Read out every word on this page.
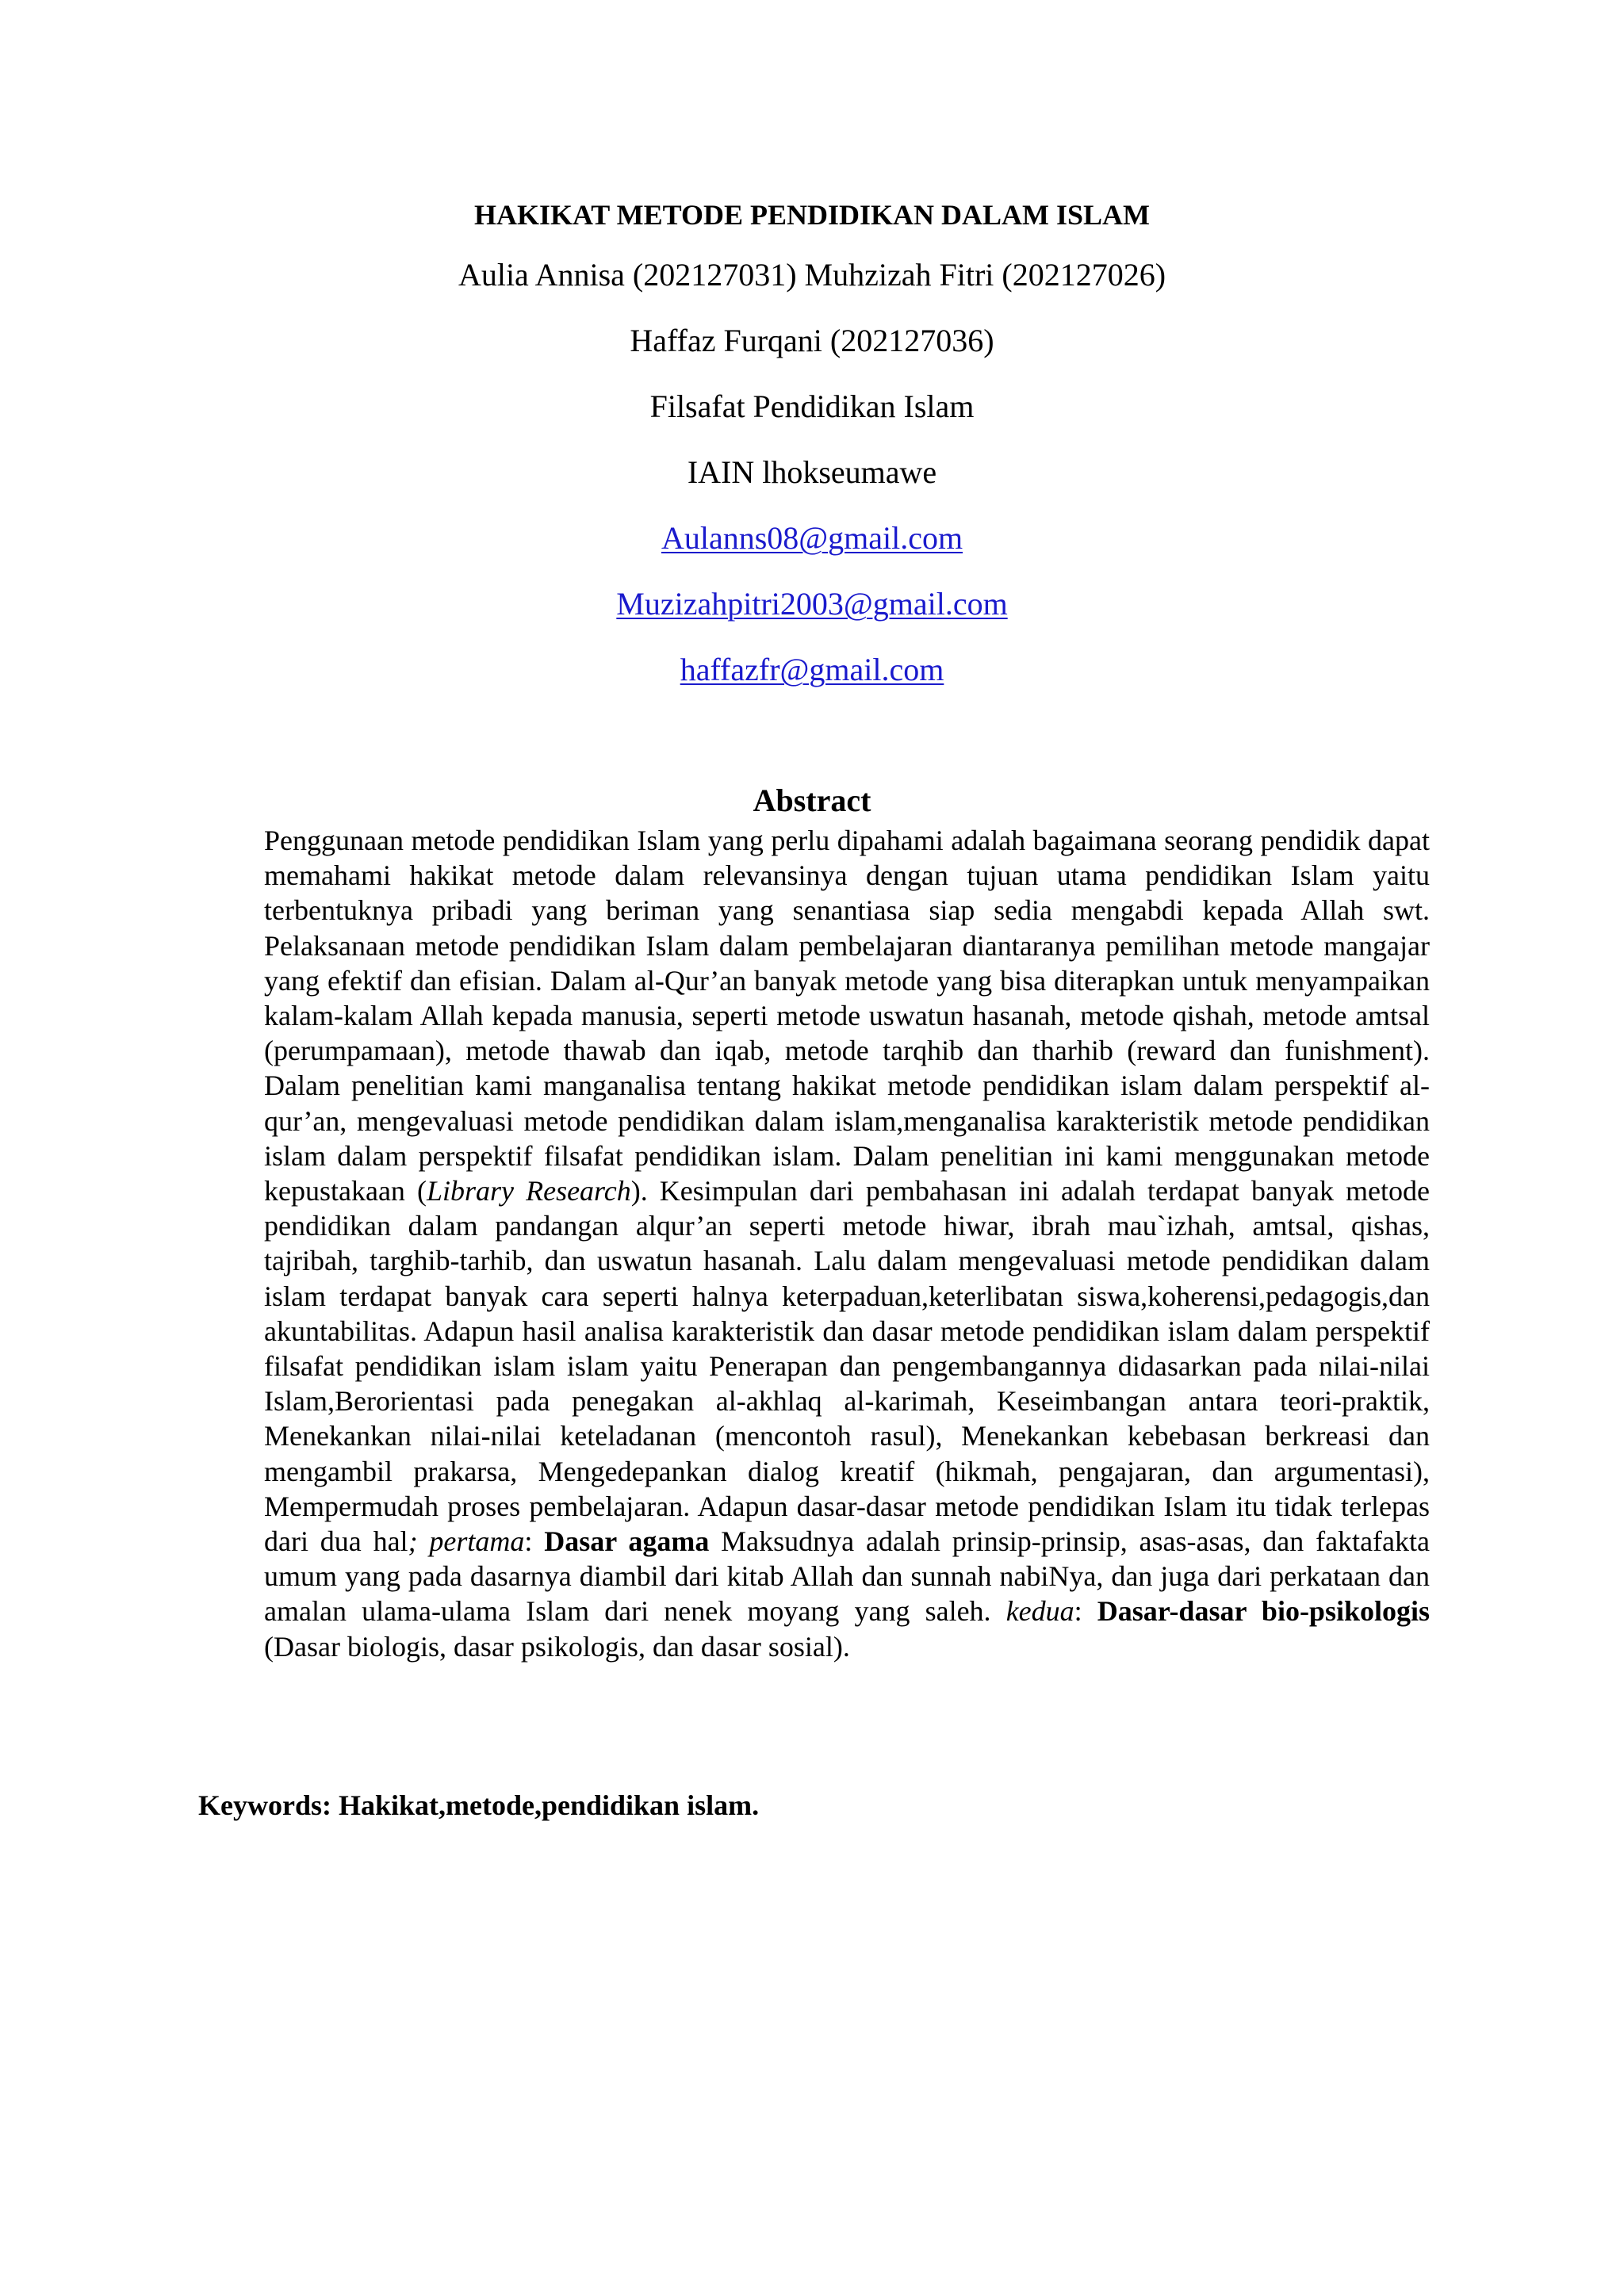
HAKIKAT METODE PENDIDIKAN DALAM ISLAM
Aulia Annisa (202127031) Muhzizah Fitri (202127026)
Haffaz Furqani (202127036)
Filsafat Pendidikan Islam
IAIN lhokseumawe
Aulanns08@gmail.com
Muzizahpitri2003@gmail.com
haffazfr@gmail.com
Abstract
Penggunaan metode pendidikan Islam yang perlu dipahami adalah bagaimana seorang pendidik dapat memahami hakikat metode dalam relevansinya dengan tujuan utama pendidikan Islam yaitu terbentuknya pribadi yang beriman yang senantiasa siap sedia mengabdi kepada Allah swt. Pelaksanaan metode pendidikan Islam dalam pembelajaran diantaranya pemilihan metode mangajar yang efektif dan efisian. Dalam al-Qur’an banyak metode yang bisa diterapkan untuk menyampaikan kalam-kalam Allah kepada manusia, seperti metode uswatun hasanah, metode qishah, metode amtsal (perumpamaan), metode thawab dan iqab, metode tarqhib dan tharhib (reward dan funishment). Dalam penelitian kami manganalisa tentang hakikat metode pendidikan islam dalam perspektif al-qur’an, mengevaluasi metode pendidikan dalam islam,menganalisa karakteristik metode pendidikan islam dalam perspektif filsafat pendidikan islam. Dalam penelitian ini kami menggunakan metode kepustakaan (Library Research). Kesimpulan dari pembahasan ini adalah terdapat banyak metode pendidikan dalam pandangan alqur’an seperti metode hiwar, ibrah mau`izhah, amtsal, qishas, tajribah, targhib-tarhib, dan uswatun hasanah. Lalu dalam mengevaluasi metode pendidikan dalam islam terdapat banyak cara seperti halnya keterpaduan,keterlibatan siswa,koherensi,pedagogis,dan akuntabilitas. Adapun hasil analisa karakteristik dan dasar metode pendidikan islam dalam perspektif filsafat pendidikan islam islam yaitu Penerapan dan pengembangannya didasarkan pada nilai-nilai Islam,Berorientasi pada penegakan al-akhlaq al-karimah, Keseimbangan antara teori-praktik, Menekankan nilai-nilai keteladanan (mencontoh rasul), Menekankan kebebasan berkreasi dan mengambil prakarsa, Mengedepankan dialog kreatif (hikmah, pengajaran, dan argumentasi), Mempermudah proses pembelajaran. Adapun dasar-dasar metode pendidikan Islam itu tidak terlepas dari dua hal; pertama: Dasar agama Maksudnya adalah prinsip-prinsip, asas-asas, dan faktafakta umum yang pada dasarnya diambil dari kitab Allah dan sunnah nabiNya, dan juga dari perkataan dan amalan ulama-ulama Islam dari nenek moyang yang saleh. kedua: Dasar-dasar bio-psikologis (Dasar biologis, dasar psikologis, dan dasar sosial).
Keywords: Hakikat,metode,pendidikan islam.
